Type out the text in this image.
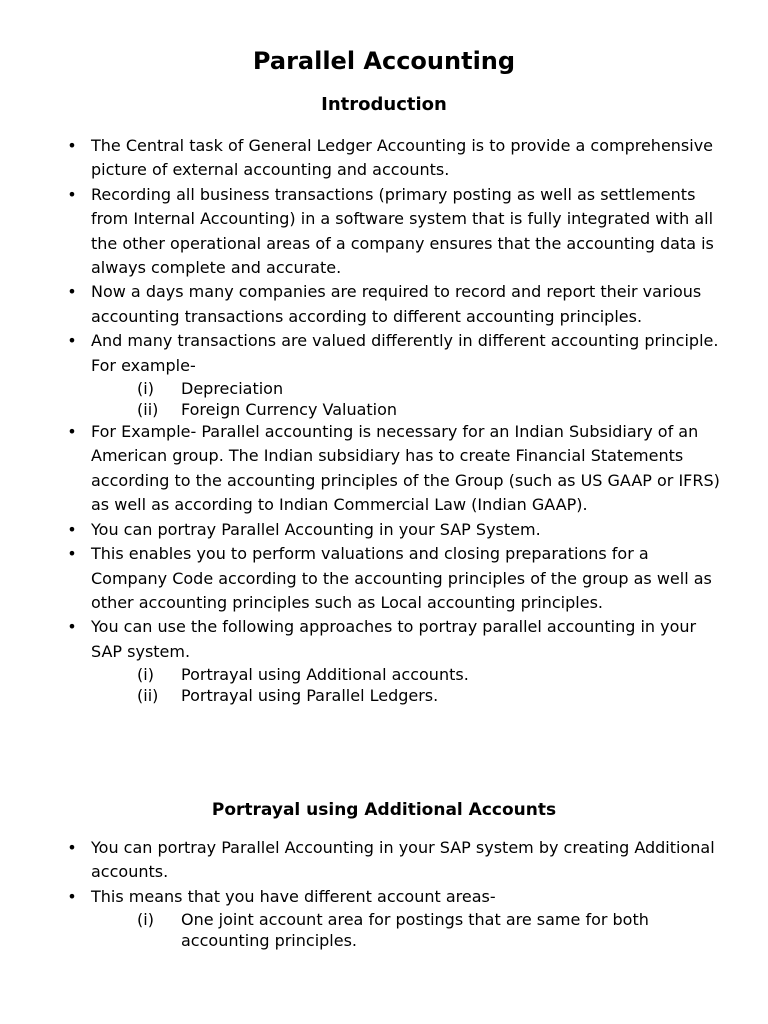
Parallel Accounting
Introduction
• The Central task of General Ledger Accounting is to provide a comprehensive picture of external accounting and accounts.
• Recording all business transactions (primary posting as well as settlements from Internal Accounting) in a software system that is fully integrated with all the other operational areas of a company ensures that the accounting data is always complete and accurate.
• Now a days many companies are required to record and report their various accounting transactions according to different accounting principles.
• And many transactions are valued differently in different accounting principle. For example-
(i) Depreciation
(ii) Foreign Currency Valuation
• For Example- Parallel accounting is necessary for an Indian Subsidiary of an American group. The Indian subsidiary has to create Financial Statements according to the accounting principles of the Group (such as US GAAP or IFRS) as well as according to Indian Commercial Law (Indian GAAP).
• You can portray Parallel Accounting in your SAP System.
• This enables you to perform valuations and closing preparations for a Company Code according to the accounting principles of the group as well as other accounting principles such as Local accounting principles.
• You can use the following approaches to portray parallel accounting in your SAP system.
(i) Portrayal using Additional accounts.
(ii) Portrayal using Parallel Ledgers.
Portrayal using Additional Accounts
• You can portray Parallel Accounting in your SAP system by creating Additional accounts.
• This means that you have different account areas-
(i) One joint account area for postings that are same for both accounting principles.
